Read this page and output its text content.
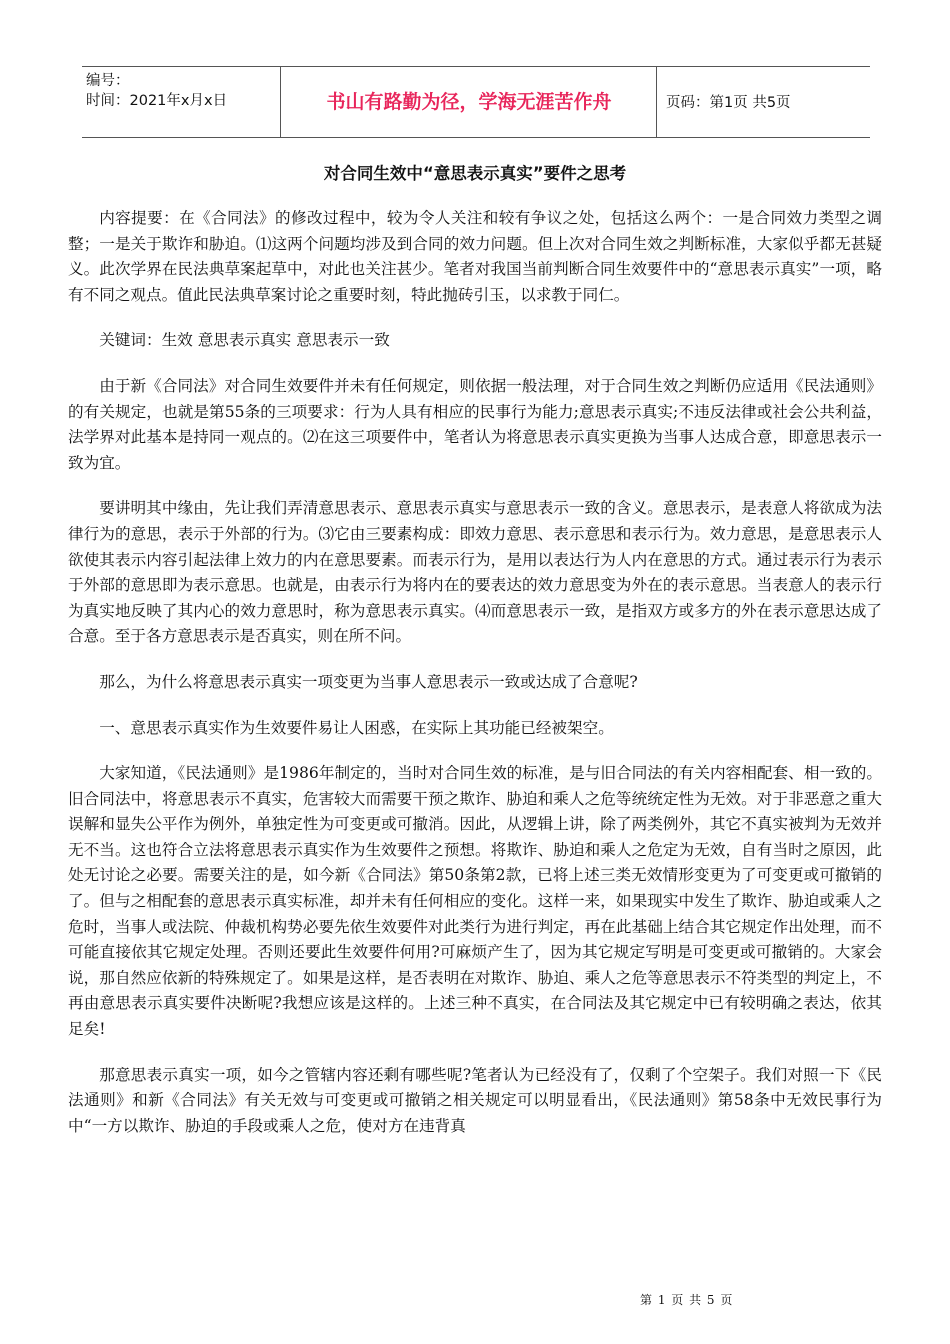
编号：
时间：2021年x月x日	书山有路勤为径，学海无涯苦作舟	页码：第1页 共5页
对合同生效中“意思表示真实”要件之思考

内容提要：在《合同法》的修改过程中，较为令人关注和较有争议之处，包括这么两个：一是合同效力类型之调整；一是关于欺诈和胁迫。⑴这两个问题均涉及到合同的效力问题。但上次对合同生效之判断标准，大家似乎都无甚疑义。此次学界在民法典草案起草中，对此也关注甚少。笔者对我国当前判断合同生效要件中的“意思表示真实”一项，略有不同之观点。值此民法典草案讨论之重要时刻，特此抛砖引玉，以求教于同仁。

关键词：生效 意思表示真实 意思表示一致

由于新《合同法》对合同生效要件并未有任何规定，则依据一般法理，对于合同生效之判断仍应适用《民法通则》的有关规定，也就是第55条的三项要求：行为人具有相应的民事行为能力;意思表示真实;不违反法律或社会公共利益，法学界对此基本是持同一观点的。⑵在这三项要件中，笔者认为将意思表示真实更换为当事人达成合意，即意思表示一致为宜。

要讲明其中缘由，先让我们弄清意思表示、意思表示真实与意思表示一致的含义。意思表示，是表意人将欲成为法律行为的意思，表示于外部的行为。⑶它由三要素构成：即效力意思、表示意思和表示行为。效力意思，是意思表示人欲使其表示内容引起法律上效力的内在意思要素。而表示行为，是用以表达行为人内在意思的方式。通过表示行为表示于外部的意思即为表示意思。也就是，由表示行为将内在的要表达的效力意思变为外在的表示意思。当表意人的表示行为真实地反映了其内心的效力意思时，称为意思表示真实。⑷而意思表示一致，是指双方或多方的外在表示意思达成了合意。至于各方意思表示是否真实，则在所不问。

那么，为什么将意思表示真实一项变更为当事人意思表示一致或达成了合意呢?

一、意思表示真实作为生效要件易让人困惑，在实际上其功能已经被架空。

大家知道，《民法通则》是1986年制定的，当时对合同生效的标准，是与旧合同法的有关内容相配套、相一致的。旧合同法中，将意思表示不真实，危害较大而需要干预之欺诈、胁迫和乘人之危等统统定性为无效。对于非恶意之重大误解和显失公平作为例外，单独定性为可变更或可撤消。因此，从逻辑上讲，除了两类例外，其它不真实被判为无效并无不当。这也符合立法将意思表示真实作为生效要件之预想。将欺诈、胁迫和乘人之危定为无效，自有当时之原因，此处无讨论之必要。需要关注的是，如今新《合同法》第50条第2款，已将上述三类无效情形变更为了可变更或可撤销的了。但与之相配套的意思表示真实标准，却并未有任何相应的变化。这样一来，如果现实中发生了欺诈、胁迫或乘人之危时，当事人或法院、仲裁机构势必要先依生效要件对此类行为进行判定，再在此基础上结合其它规定作出处理，而不可能直接依其它规定处理。否则还要此生效要件何用?可麻烦产生了，因为其它规定写明是可变更或可撤销的。大家会说，那自然应依新的特殊规定了。如果是这样，是否表明在对欺诈、胁迫、乘人之危等意思表示不符类型的判定上，不再由意思表示真实要件决断呢?我想应该是这样的。上述三种不真实，在合同法及其它规定中已有较明确之表达，依其足矣!

那意思表示真实一项，如今之管辖内容还剩有哪些呢?笔者认为已经没有了，仅剩了个空架子。我们对照一下《民法通则》和新《合同法》有关无效与可变更或可撤销之相关规定可以明显看出，《民法通则》第58条中无效民事行为中“一方以欺诈、胁迫的手段或乘人之危，使对方在违背真

第 1 页 共 5 页
